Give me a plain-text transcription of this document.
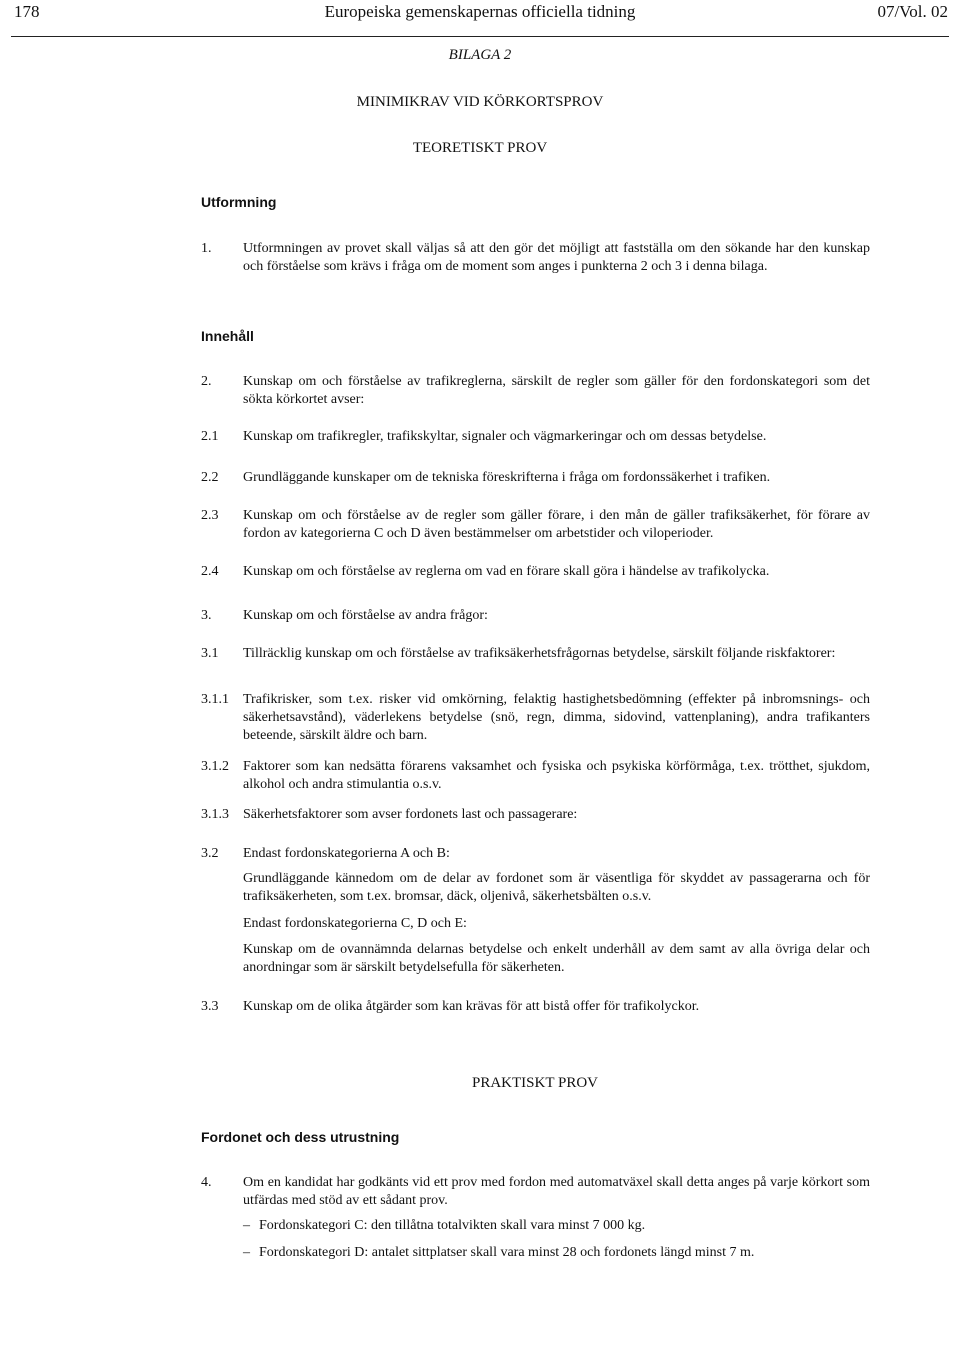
178	Europeiska gemenskapernas officiella tidning	07/Vol. 02
BILAGA 2
MINIMIKRAV VID KÖRKORTSPROV
TEORETISKT PROV
Utformning
1. Utformningen av provet skall väljas så att den gör det möjligt att fastställa om den sökande har den kunskap och förståelse som krävs i fråga om de moment som anges i punkterna 2 och 3 i denna bilaga.
Innehåll
2. Kunskap om och förståelse av trafikreglerna, särskilt de regler som gäller för den fordonskategori som det sökta körkortet avser:
2.1 Kunskap om trafikregler, trafikskyltar, signaler och vägmarkeringar och om dessas betydelse.
2.2 Grundläggande kunskaper om de tekniska föreskrifterna i fråga om fordonssäkerhet i trafiken.
2.3 Kunskap om och förståelse av de regler som gäller förare, i den mån de gäller trafiksäkerhet, för förare av fordon av kategorierna C och D även bestämmelser om arbetstider och viloperioder.
2.4 Kunskap om och förståelse av reglerna om vad en förare skall göra i händelse av trafikolycka.
3. Kunskap om och förståelse av andra frågor:
3.1 Tillräcklig kunskap om och förståelse av trafiksäkerhetsfrågornas betydelse, särskilt följande riskfaktorer:
3.1.1 Trafikrisker, som t.ex. risker vid omkörning, felaktig hastighetsbedömning (effekter på inbromsnings- och säkerhetsavstånd), väderlekens betydelse (snö, regn, dimma, sidovind, vattenplaning), andra trafikanters beteende, särskilt äldre och barn.
3.1.2 Faktorer som kan nedsätta förarens vaksamhet och fysiska och psykiska körförmåga, t.ex. trötthet, sjukdom, alkohol och andra stimulantia o.s.v.
3.1.3 Säkerhetsfaktorer som avser fordonets last och passagerare:
3.2 Endast fordonskategorierna A och B:
Grundläggande kännedom om de delar av fordonet som är väsentliga för skyddet av passagerarna och för trafiksäkerheten, som t.ex. bromsar, däck, oljenivå, säkerhetsbälten o.s.v.
Endast fordonskategorierna C, D och E:
Kunskap om de ovannämnda delarnas betydelse och enkelt underhåll av dem samt av alla övriga delar och anordningar som är särskilt betydelsefulla för säkerheten.
3.3 Kunskap om de olika åtgärder som kan krävas för att bistå offer för trafikolyckor.
PRAKTISKT PROV
Fordonet och dess utrustning
4. Om en kandidat har godkänts vid ett prov med fordon med automatväxel skall detta anges på varje körkort som utfärdas med stöd av ett sådant prov.
– Fordonskategori C: den tillåtna totalvikten skall vara minst 7 000 kg.
– Fordonskategori D: antalet sittplatser skall vara minst 28 och fordonets längd minst 7 m.
